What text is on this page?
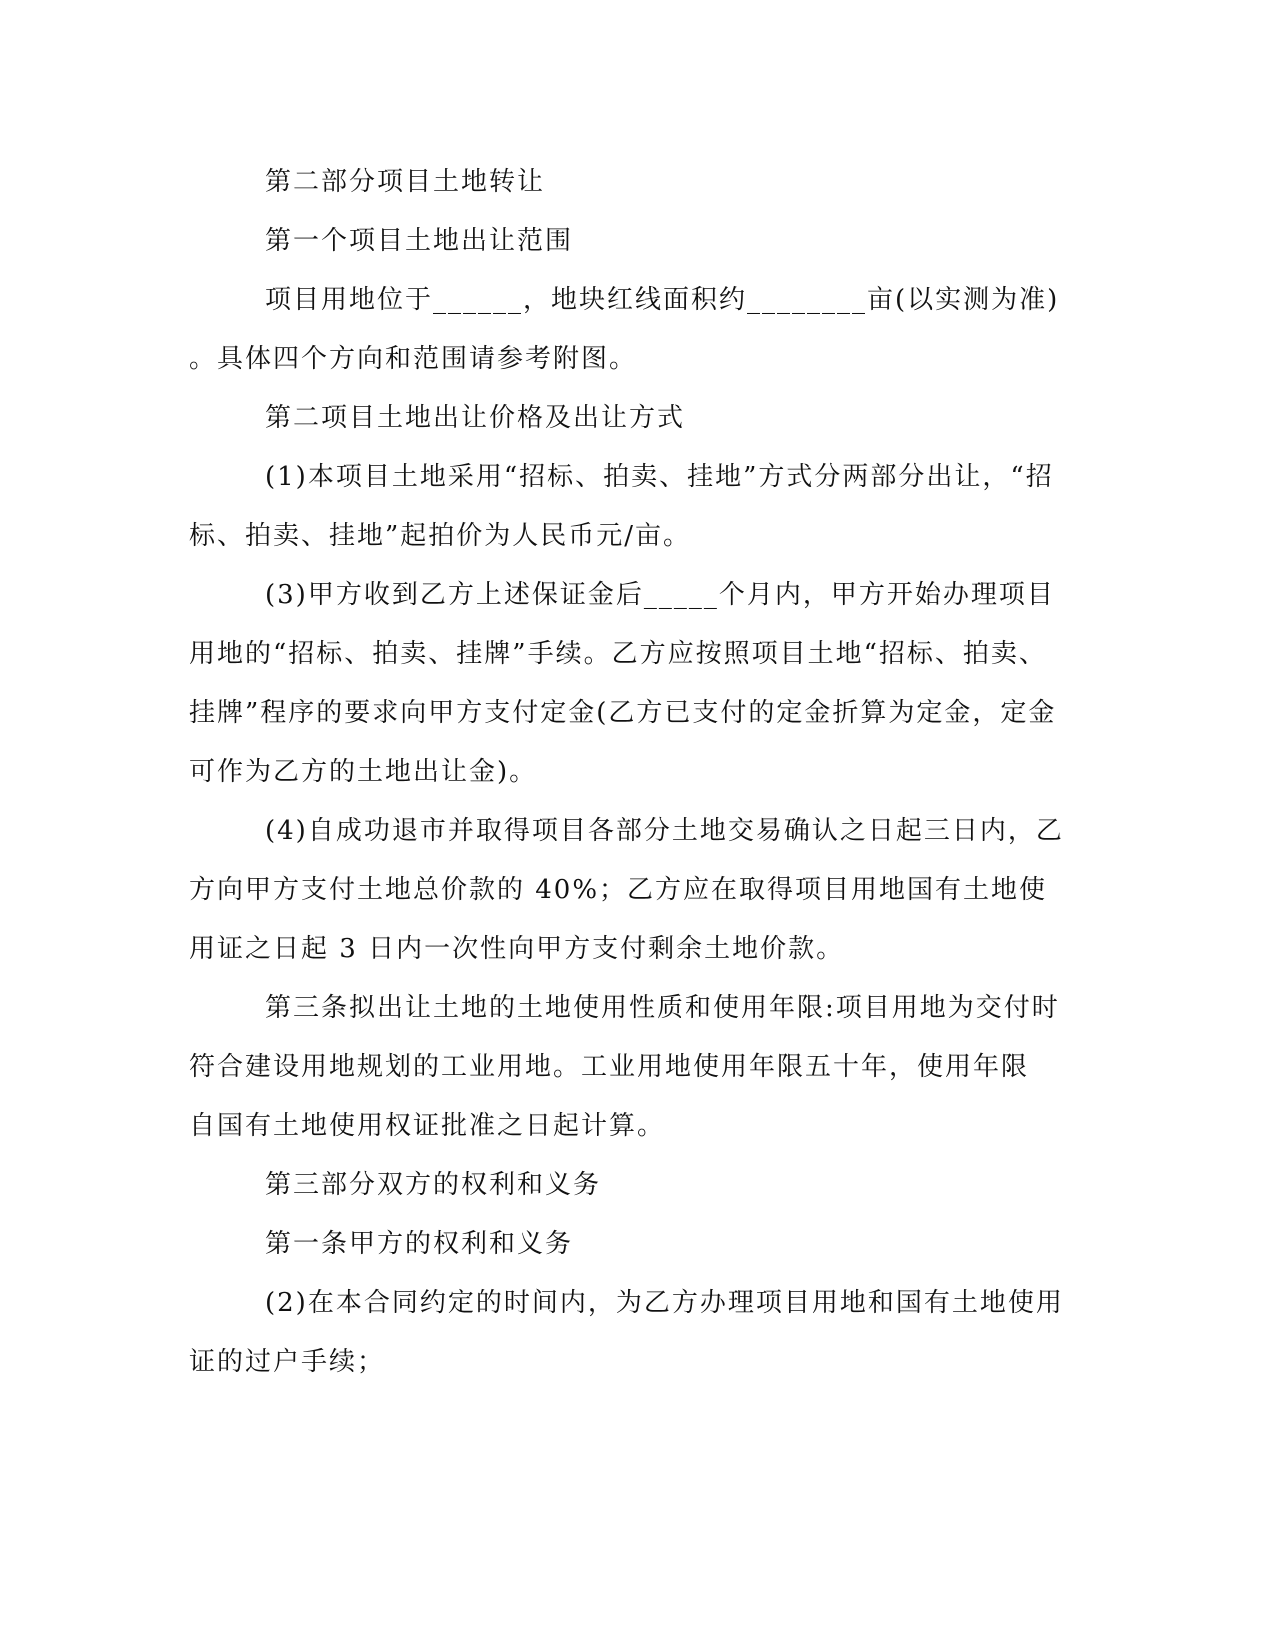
第二部分项目土地转让
第一个项目土地出让范围
项目用地位于______，地块红线面积约________亩(以实测为准)
。具体四个方向和范围请参考附图。
第二项目土地出让价格及出让方式
(1)本项目土地采用“招标、拍卖、挂地”方式分两部分出让，“招
标、拍卖、挂地”起拍价为人民币元/亩。
(3)甲方收到乙方上述保证金后_____个月内，甲方开始办理项目
用地的“招标、拍卖、挂牌”手续。乙方应按照项目土地“招标、拍卖、
挂牌”程序的要求向甲方支付定金(乙方已支付的定金折算为定金，定金
可作为乙方的土地出让金)。
(4)自成功退市并取得项目各部分土地交易确认之日起三日内，乙
方向甲方支付土地总价款的 40%；乙方应在取得项目用地国有土地使
用证之日起 3 日内一次性向甲方支付剩余土地价款。
第三条拟出让土地的土地使用性质和使用年限:项目用地为交付时
符合建设用地规划的工业用地。工业用地使用年限五十年，使用年限
自国有土地使用权证批准之日起计算。
第三部分双方的权利和义务
第一条甲方的权利和义务
(2)在本合同约定的时间内，为乙方办理项目用地和国有土地使用
证的过户手续；
